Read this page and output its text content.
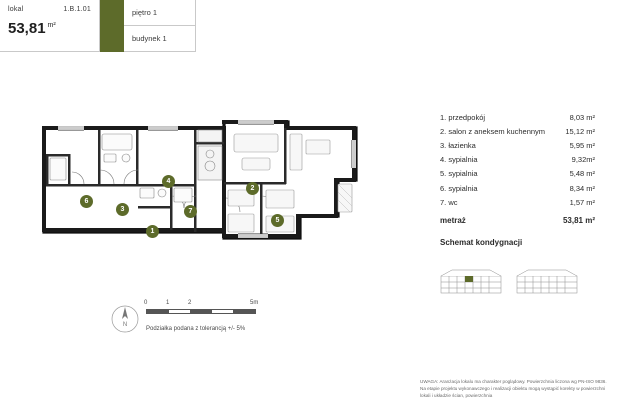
lokal	1.B.1.01
53,81 $^{m^2}$
piętro 1
budynek 1
1
2
3
4
5
6
7
N
0	1	2	5m
Podziałka podana z tolerancją +/- 5%
1. przedpokój	8,03 m²
2. salon z aneksem kuchennym	15,12 m²
3. łazienka	5,95 m²
4. sypialnia	9,32m²
5. sypialnia	5,48 m²
6. sypialnia	8,34 m²
7. wc	1,57 m²
metraż	53,81 m²
Schemat kondygnacji
UWAGA: Aranżacja lokalu ma charakter poglądowy. Powierzchnia liczona wg PN-ISO 9836. Na etapie projektu wykonawczego i realizacji obiektu mogą wystąpić korekty w powierzchni lokali i układzie ścian, powierzchnia
